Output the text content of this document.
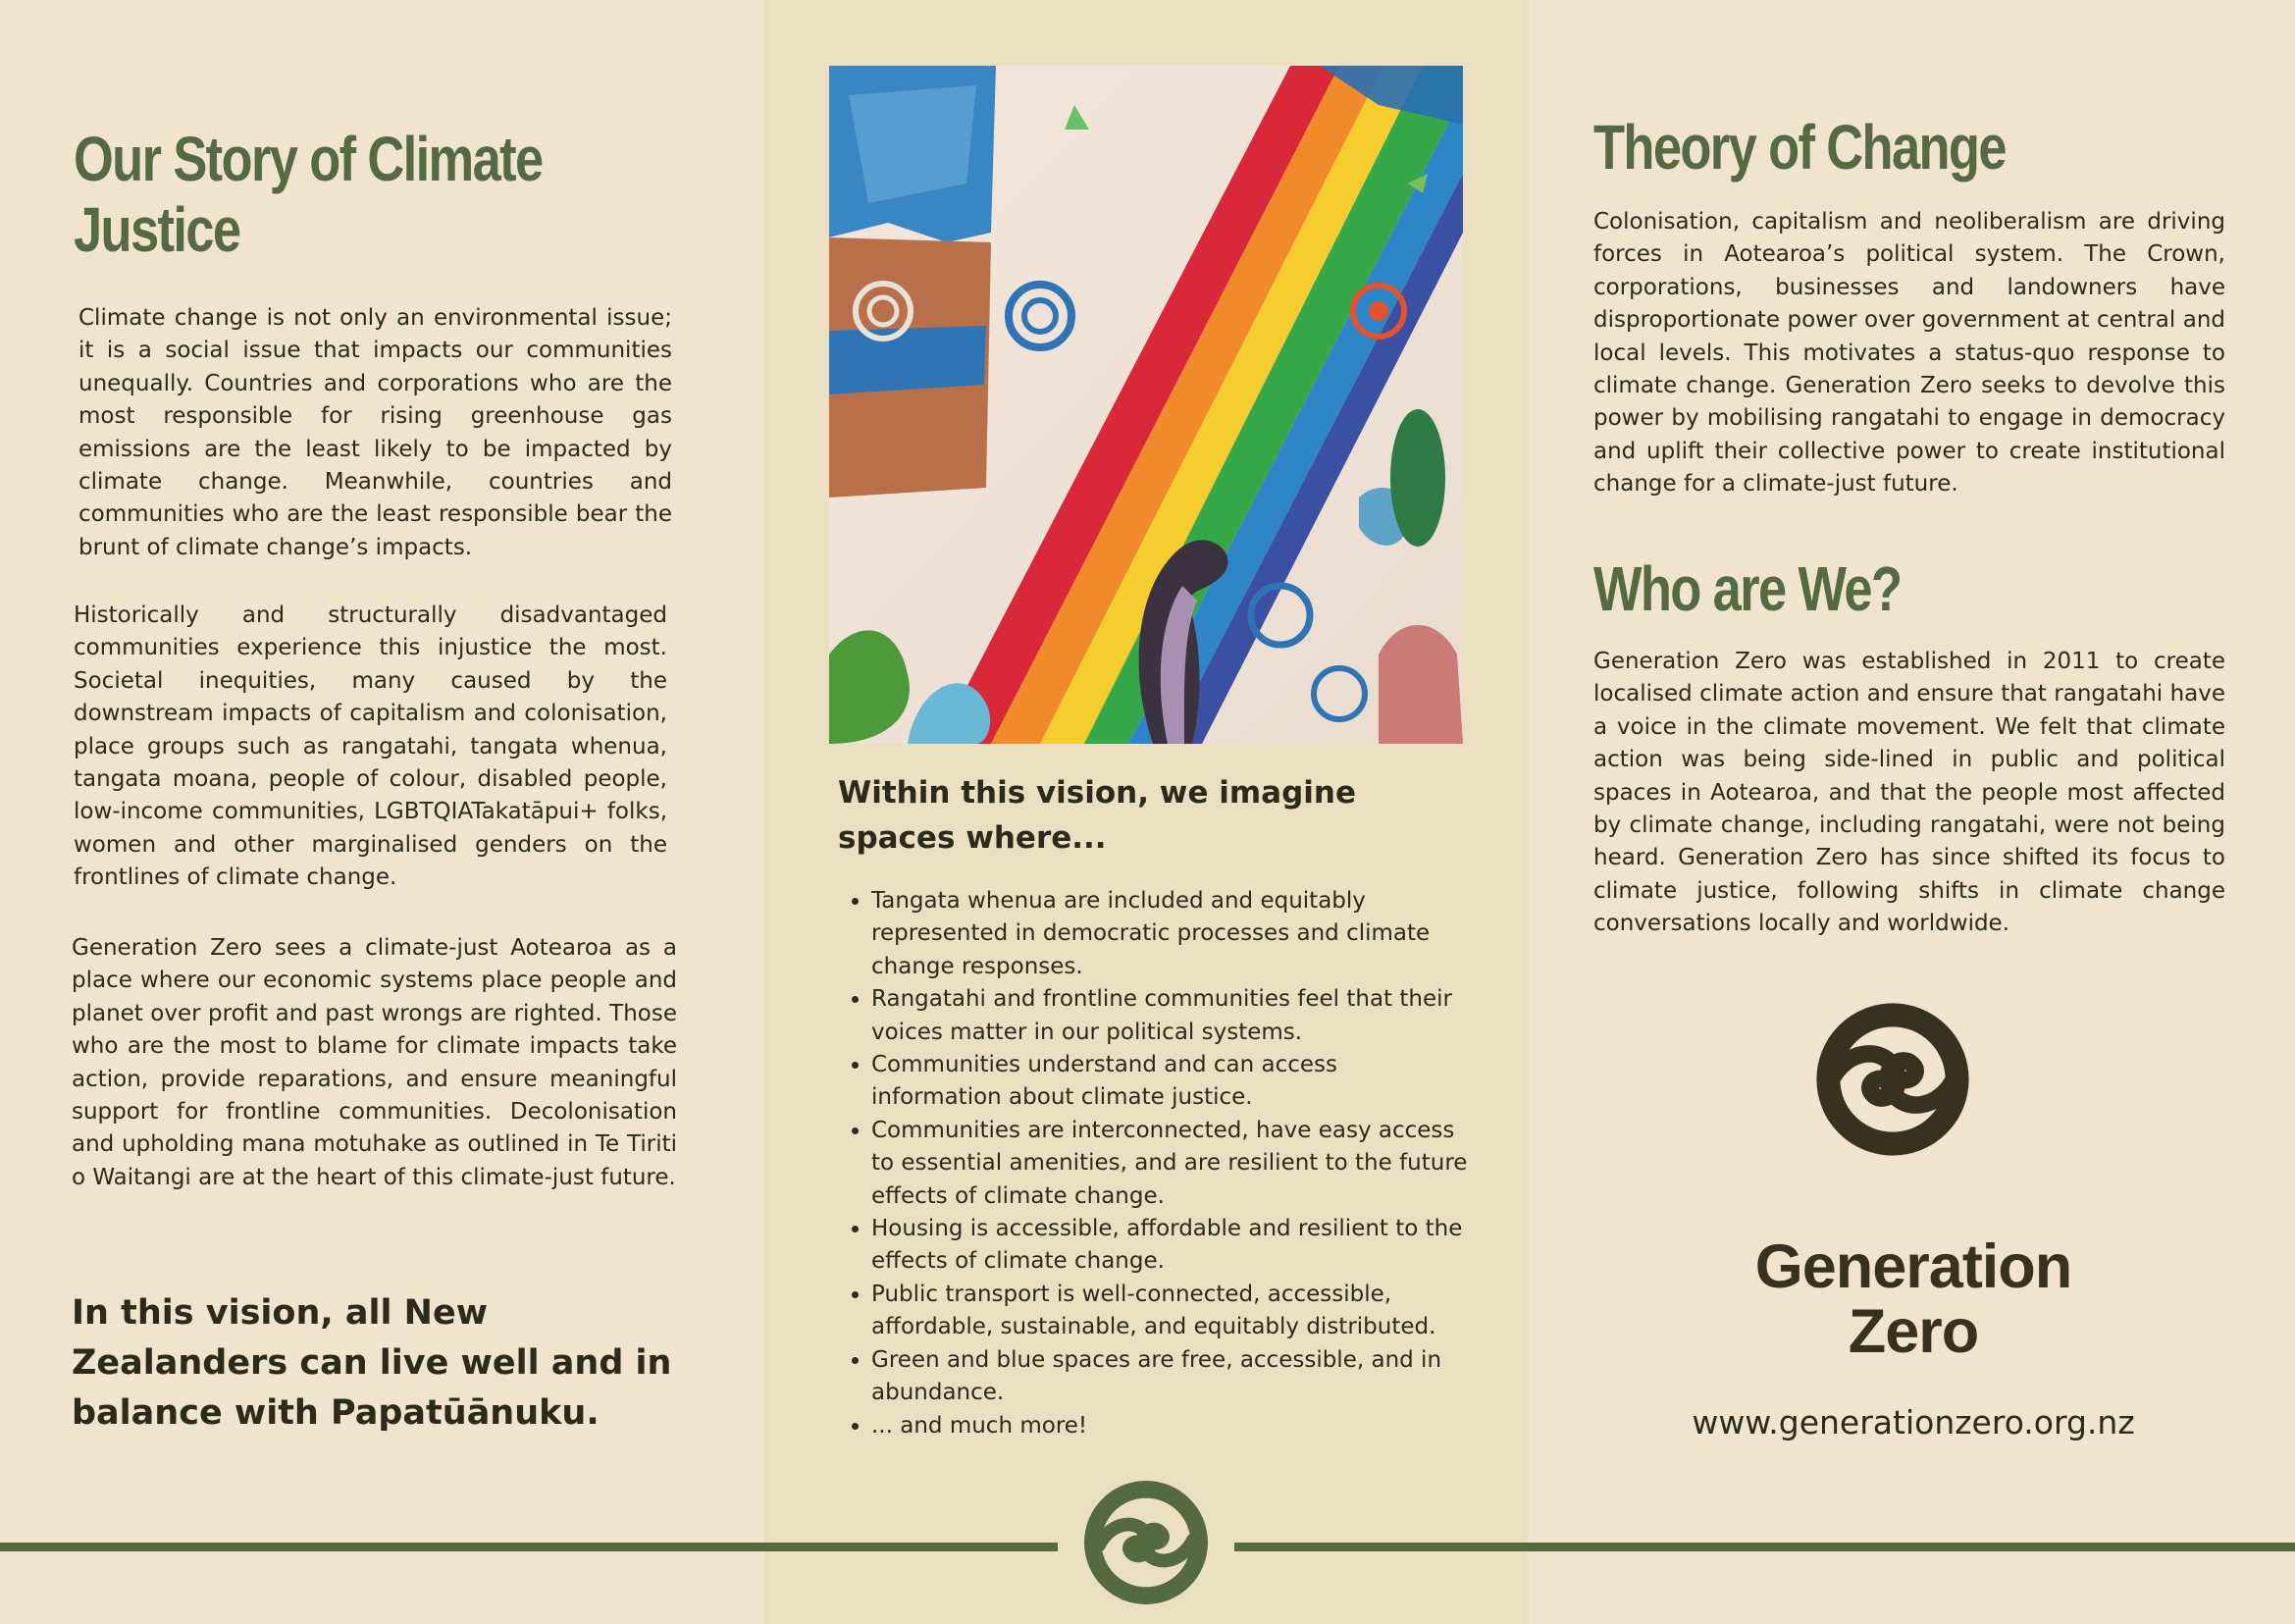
Our Story of Climate Justice

Climate change is not only an environmental issue; it is a social issue that impacts our communities unequally. Countries and corporations who are the most responsible for rising greenhouse gas emissions are the least likely to be impacted by climate change. Meanwhile, countries and communities who are the least responsible bear the brunt of climate change’s impacts.

Historically and structurally disadvantaged communities experience this injustice the most. Societal inequities, many caused by the downstream impacts of capitalism and colonisation, place groups such as rangatahi, tangata whenua, tangata moana, people of colour, disabled people, low-income communities, LGBTQIATakatāpui+ folks, women and other marginalised genders on the frontlines of climate change.

Generation Zero sees a climate-just Aotearoa as a place where our economic systems place people and planet over profit and past wrongs are righted. Those who are the most to blame for climate impacts take action, provide reparations, and ensure meaningful support for frontline communities. Decolonisation and upholding mana motuhake as outlined in Te Tiriti o Waitangi are at the heart of this climate-just future.

In this vision, all New Zealanders can live well and in balance with Papatūānuku.

Within this vision, we imagine spaces where...

• Tangata whenua are included and equitably represented in democratic processes and climate change responses.
• Rangatahi and frontline communities feel that their voices matter in our political systems.
• Communities understand and can access information about climate justice.
• Communities are interconnected, have easy access to essential amenities, and are resilient to the future effects of climate change.
• Housing is accessible, affordable and resilient to the effects of climate change.
• Public transport is well-connected, accessible, affordable, sustainable, and equitably distributed.
• Green and blue spaces are free, accessible, and in abundance.
• ... and much more!
Theory of Change

Colonisation, capitalism and neoliberalism are driving forces in Aotearoa’s political system. The Crown, corporations, businesses and landowners have disproportionate power over government at central and local levels. This motivates a status-quo response to climate change. Generation Zero seeks to devolve this power by mobilising rangatahi to engage in democracy and uplift their collective power to create institutional change for a climate-just future.

Who are We?

Generation Zero was established in 2011 to create localised climate action and ensure that rangatahi have a voice in the climate movement. We felt that climate action was being side-lined in public and political spaces in Aotearoa, and that the people most affected by climate change, including rangatahi, were not being heard. Generation Zero has since shifted its focus to climate justice, following shifts in climate change conversations locally and worldwide.

Generation

Zero

www.generationzero.org.nz
